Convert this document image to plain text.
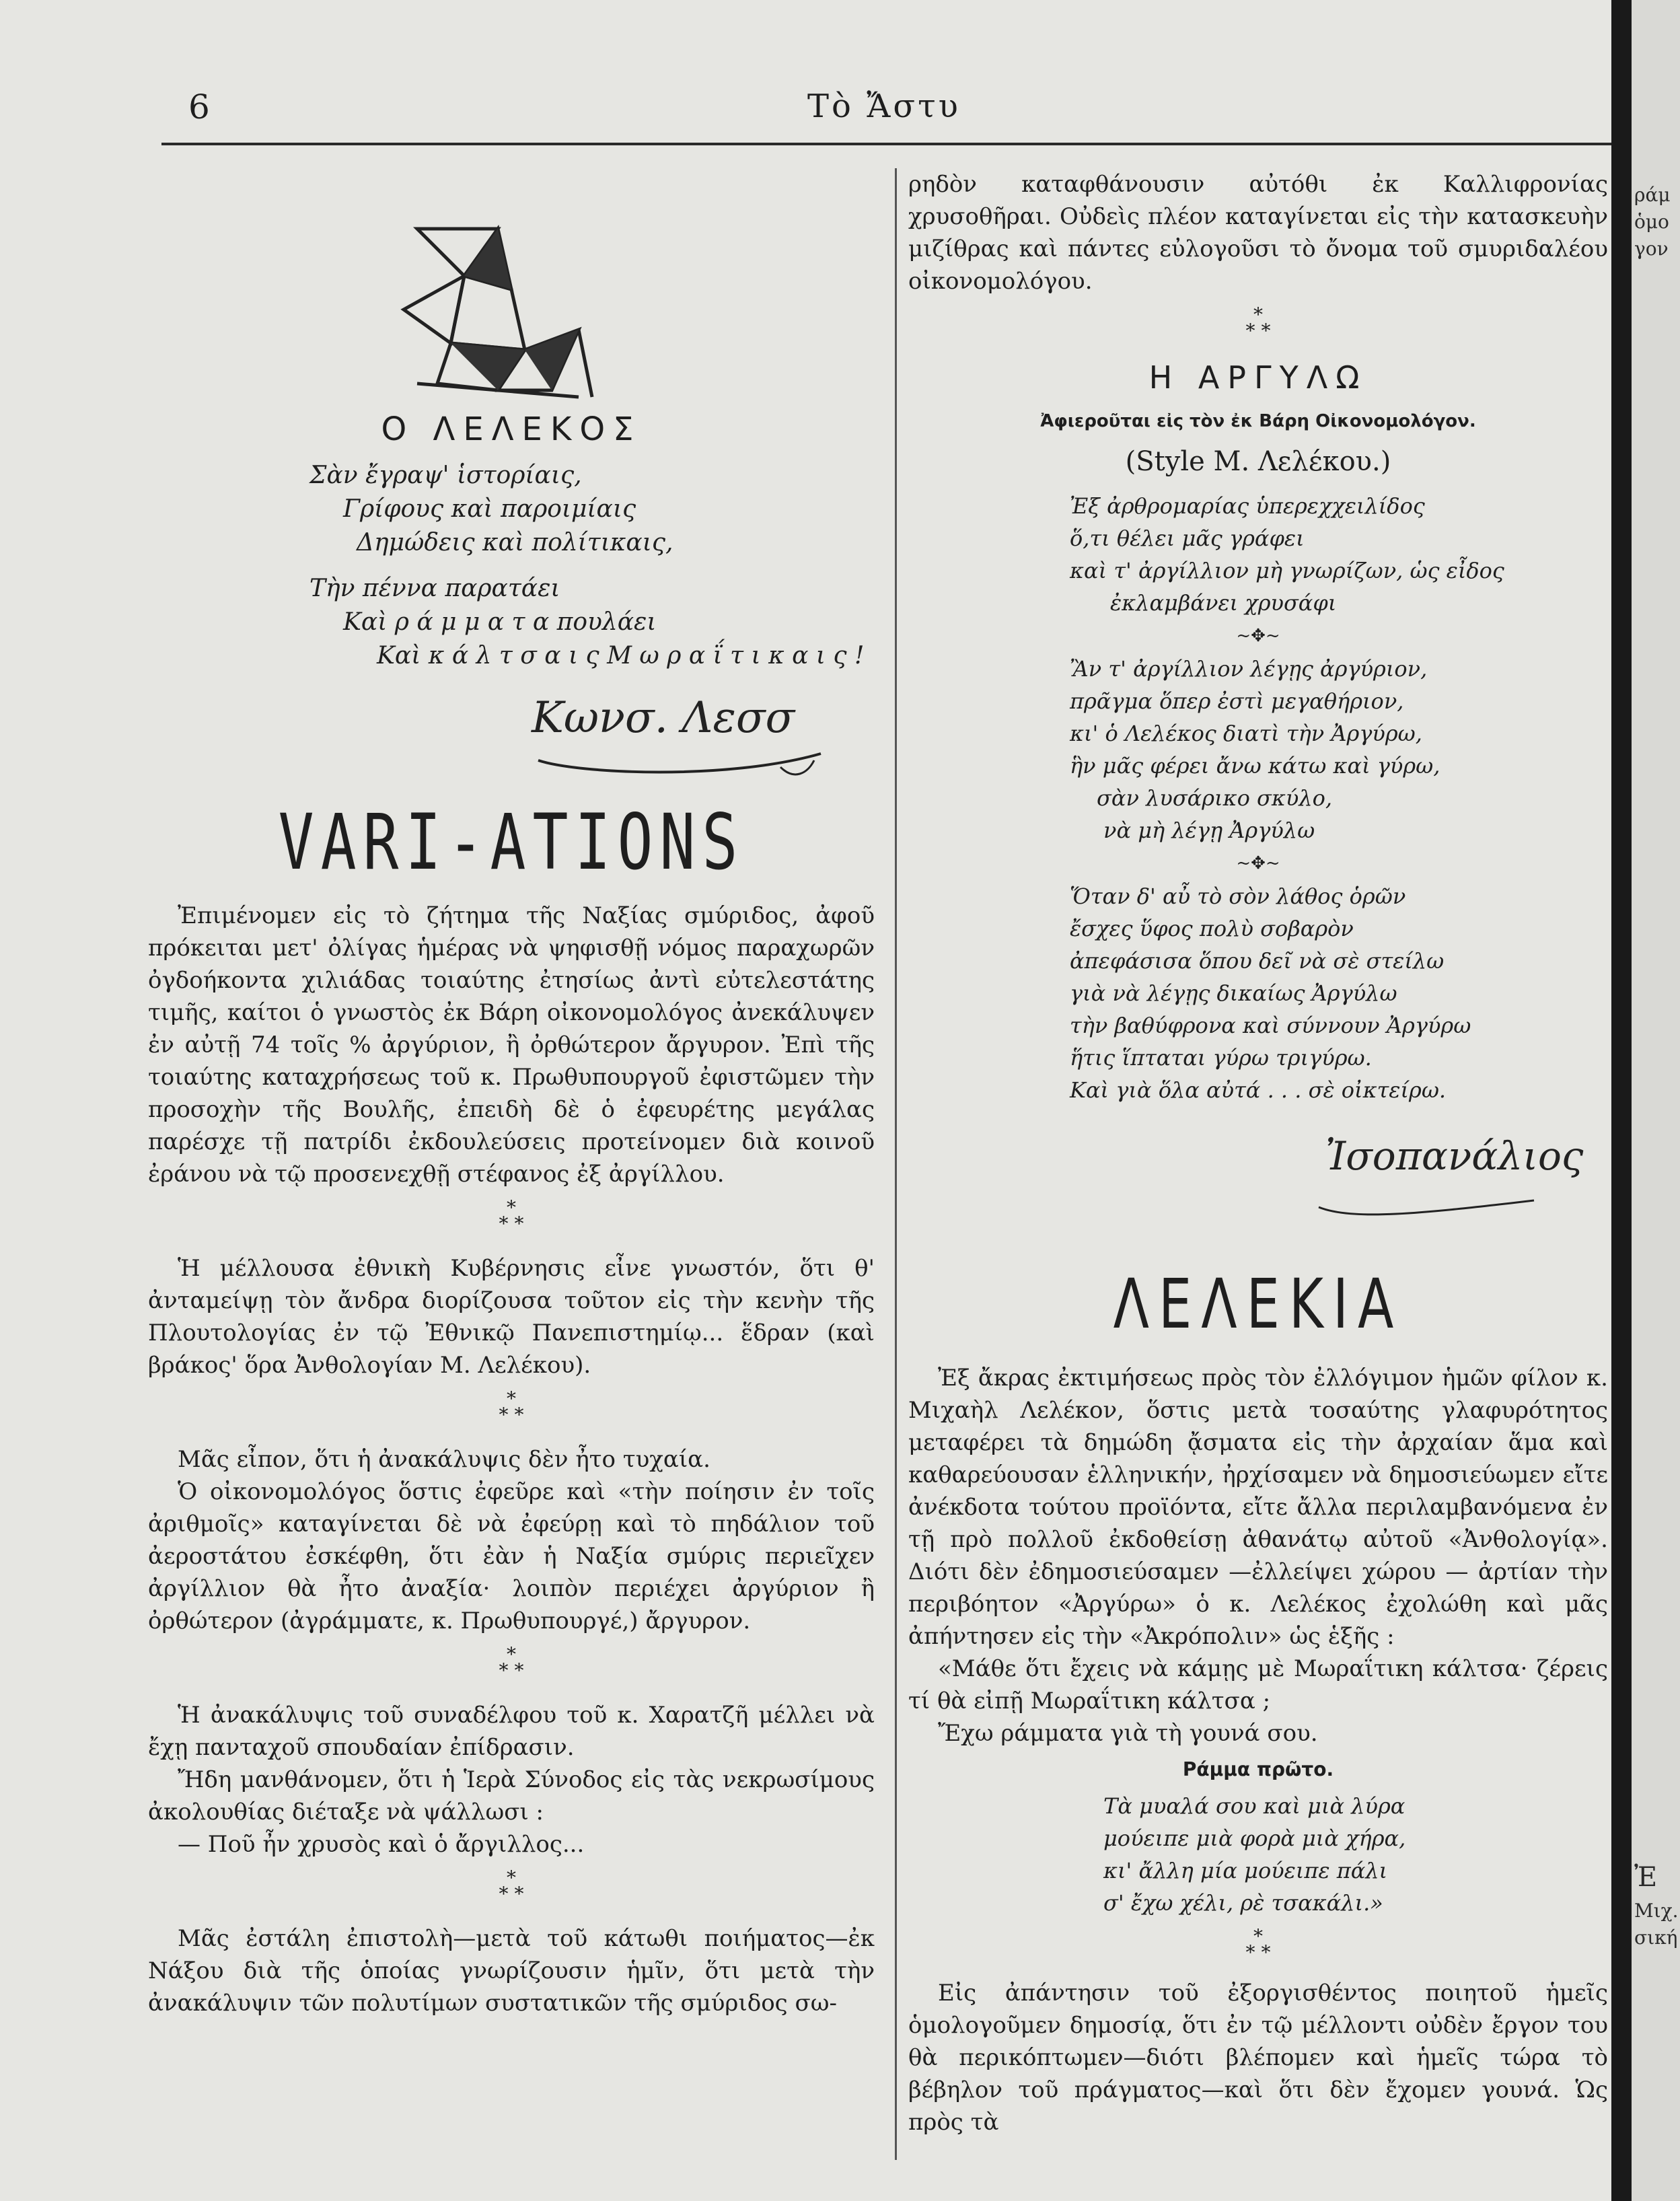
6	Τὸ Ἄστυ

Ο ΛΕΛΕΚΟΣ

Σὰν ἔγραψ' ἱστορίαις,

Γρίφους καὶ παροιμίαις

Δημώδεις καὶ πολίτικαις,

Τὴν πέννα παρατάει

Καὶ ρ ά μ μ α τ α πουλάει

Καὶ κ ά λ τ σ α ι ς Μ ω ρ α ΐ τ ι κ α ι ς !

Κωνσ. Λεσσ

VARI-ATIONS

Ἐπιμένομεν εἰς τὸ ζήτημα τῆς Ναξίας σμύριδος, ἀφοῦ πρόκειται μετ' ὀλίγας ἡμέρας νὰ ψηφισθῇ νόμος παραχωρῶν ὀγδοήκοντα χιλιάδας τοιαύτης ἐτησίως ἀντὶ εὐτελεστάτης τιμῆς, καίτοι ὁ γνωστὸς ἐκ Βάρη οἰκονομολόγος ἀνεκάλυψεν ἐν αὐτῇ 74 τοῖς % ἀργύριον, ἢ ὀρθώτερον ἄργυρον. Ἐπὶ τῆς τοιαύτης καταχρήσεως τοῦ κ. Πρωθυπουργοῦ ἐφιστῶμεν τὴν προσοχὴν τῆς Βουλῆς, ἐπειδὴ δὲ ὁ ἐφευρέτης μεγάλας παρέσχε τῇ πατρίδι ἐκδουλεύσεις προτείνομεν διὰ κοινοῦ ἐράνου νὰ τῷ προσενεχθῇ στέφανος ἐξ ἀργίλλου.

*
* *

Ἡ μέλλουσα ἐθνικὴ Κυβέρνησις εἶνε γνωστόν, ὅτι θ' ἀνταμείψῃ τὸν ἄνδρα διορίζουσα τοῦτον εἰς τὴν κενὴν τῆς Πλουτολογίας ἐν τῷ Ἐθνικῷ Πανεπιστημίῳ... ἕδραν (καὶ βράκος' ὅρα Ἀνθολογίαν Μ. Λελέκου).

*
* *

Μᾶς εἶπον, ὅτι ἡ ἀνακάλυψις δὲν ἦτο τυχαία.

Ὁ οἰκονομολόγος ὅστις ἐφεῦρε καὶ «τὴν ποίησιν ἐν τοῖς ἀριθμοῖς» καταγίνεται δὲ νὰ ἐφεύρῃ καὶ τὸ πηδάλιον τοῦ ἀεροστάτου ἐσκέφθη, ὅτι ἐὰν ἡ Ναξία σμύρις περιεῖχεν ἀργίλλιον θὰ ἦτο ἀναξία· λοιπὸν περιέχει ἀργύριον ἢ ὀρθώτερον (ἀγράμματε, κ. Πρωθυπουργέ,) ἄργυρον.

*
* *

Ἡ ἀνακάλυψις τοῦ συναδέλφου τοῦ κ. Χαρατζῆ μέλλει νὰ ἔχῃ πανταχοῦ σπουδαίαν ἐπίδρασιν.

Ἤδη μανθάνομεν, ὅτι ἡ Ἱερὰ Σύνοδος εἰς τὰς νεκρωσίμους ἀκολουθίας διέταξε νὰ ψάλλωσι :

— Ποῦ ἦν χρυσὸς καὶ ὁ ἄργιλλος...

*
* *

Μᾶς ἐστάλη ἐπιστολὴ—μετὰ τοῦ κάτωθι ποιήματος—ἐκ Νάξου διὰ τῆς ὁποίας γνωρίζουσιν ἡμῖν, ὅτι μετὰ τὴν ἀνακάλυψιν τῶν πολυτίμων συστατικῶν τῆς σμύριδος σω-

ρηδὸν καταφθάνουσιν αὐτόθι ἐκ Καλλιφρονίας χρυσοθῆραι. Οὐδεὶς πλέον καταγίνεται εἰς τὴν κατασκευὴν μιζίθρας καὶ πάντες εὐλογοῦσι τὸ ὄνομα τοῦ σμυριδαλέου οἰκονομολόγου.

*
* *

Η ΑΡΓΥΛΩ

Ἀφιεροῦται εἰς τὸν ἐκ Βάρη Οἰκονομολόγον.

(Style Μ. Λελέκου.)

Ἐξ ἀρθρομαρίας ὑπερεχχειλίδος

ὅ,τι θέλει μᾶς γράφει

καὶ τ' ἀργίλλιον μὴ γνωρίζων, ὡς εἶδος

ἐκλαμβάνει χρυσάφι

~✥~

Ἂν τ' ἀργίλλιον λέγῃς ἀργύριον,

πρᾶγμα ὅπερ ἐστὶ μεγαθήριον,

κι' ὁ Λελέκος διατὶ τὴν Ἀργύρω,

ἣν μᾶς φέρει ἄνω κάτω καὶ γύρω,

σὰν λυσάρικο σκύλο,

νὰ μὴ λέγῃ Ἀργύλω

~✥~

Ὅταν δ' αὖ τὸ σὸν λάθος ὁρῶν

ἔσχες ὕφος πολὺ σοβαρὸν

ἀπεφάσισα ὅπου δεῖ νὰ σὲ στείλω

γιὰ νὰ λέγῃς δικαίως Ἀργύλω

τὴν βαθύφρονα καὶ σύννουν Ἀργύρω

ἥτις ἵπταται γύρω τριγύρω.

Καὶ γιὰ ὅλα αὐτά . . . σὲ οἰκτείρω.

Ἰσοπανάλιος

ΛΕΛΕΚΙΑ

Ἐξ ἄκρας ἐκτιμήσεως πρὸς τὸν ἐλλόγιμον ἡμῶν φίλον κ. Μιχαὴλ Λελέκον, ὅστις μετὰ τοσαύτης γλαφυρότητος μεταφέρει τὰ δημώδη ᾄσματα εἰς τὴν ἀρχαίαν ἅμα καὶ καθαρεύουσαν ἑλληνικήν, ἠρχίσαμεν νὰ δημοσιεύωμεν εἴτε ἀνέκδοτα τούτου προϊόντα, εἴτε ἄλλα περιλαμβανόμενα ἐν τῇ πρὸ πολλοῦ ἐκδοθείσῃ ἀθανάτῳ αὐτοῦ «Ἀνθολογίᾳ». Διότι δὲν ἐδημοσιεύσαμεν —ἐλλείψει χώρου — ἀρτίαν τὴν περιβόητον «Ἀργύρω» ὁ κ. Λελέκος ἐχολώθη καὶ μᾶς ἀπήντησεν εἰς τὴν «Ἀκρόπολιν» ὡς ἑξῆς :

«Μάθε ὅτι ἔχεις νὰ κάμῃς μὲ Μωραΐτικη κάλτσα· ζέρεις τί θὰ εἰπῇ Μωραΐτικη κάλτσα ;

Ἔχω ράμματα γιὰ τὴ γουνά σου.

Ράμμα πρῶτο.

Τὰ μυαλά σου καὶ μιὰ λύρα

μούειπε μιὰ φορὰ μιὰ χήρα,

κι' ἄλλη μία μούειπε πάλι

σ' ἔχω χέλι, ρὲ τσακάλι.»

*
* *

Εἰς ἀπάντησιν τοῦ ἐξοργισθέντος ποιητοῦ ἡμεῖς ὁμολογοῦμεν δημοσίᾳ, ὅτι ἐν τῷ μέλλοντι οὐδὲν ἔργον του θὰ περικόπτωμεν—διότι βλέπομεν καὶ ἡμεῖς τώρα τὸ βέβηλον τοῦ πράγματος—καὶ ὅτι δὲν ἔχομεν γουνά. Ὡς πρὸς τὰ

ράμ
ὁμο
γον
Ἐ
Μιχ.
σική
